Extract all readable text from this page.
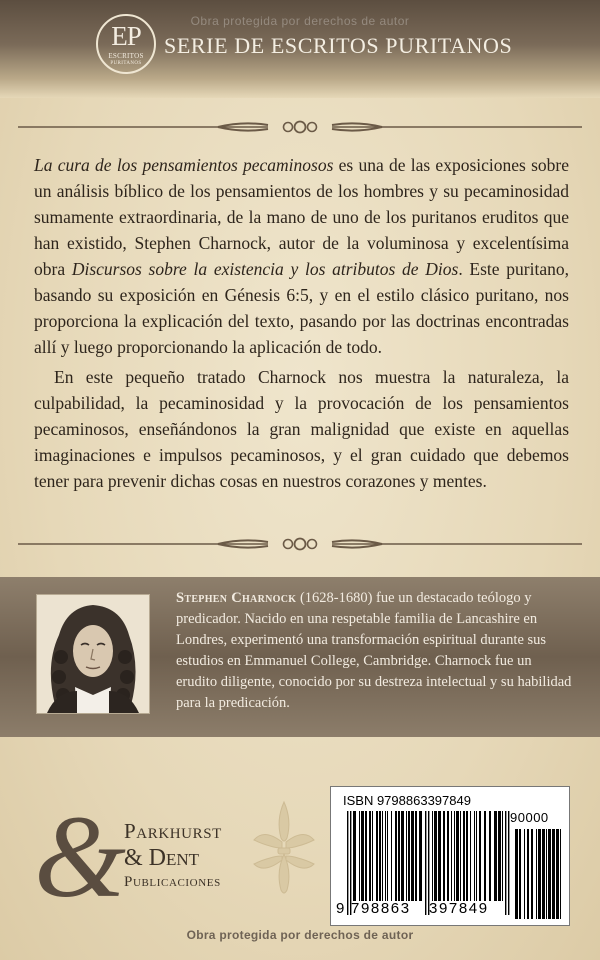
Obra protegida por derechos de autor
EP
ESCRITOS
PURITANOS
SERIE DE ESCRITOS PURITANOS

La cura de los pensamientos pecaminosos es una de las exposiciones sobre un análisis bíblico de los pensamientos de los hombres y su pecaminosidad sumamente extraordinaria, de la mano de uno de los puritanos eruditos que han existido, Stephen Charnock, autor de la voluminosa y excelentísima obra Discursos sobre la existencia y los atributos de Dios. Este puritano, basando su exposición en Génesis 6:5, y en el estilo clásico puritano, nos proporciona la explicación del texto, pasando por las doctrinas encontradas allí y luego proporcionando la aplicación de todo.

En este pequeño tratado Charnock nos muestra la naturaleza, la culpabilidad, la pecaminosidad y la provocación de los pensamientos pecaminosos, enseñándonos la gran malignidad que existe en aquellas imaginaciones e impulsos pecaminosos, y el gran cuidado que debemos tener para prevenir dichas cosas en nuestros corazones y mentes.

Stephen Charnock (1628-1680) fue un destacado teólogo y predicador. Nacido en una respetable familia de Lancashire en Londres, experimentó una transformación espiritual durante sus estudios en Emmanuel College, Cambridge. Charnock fue un erudito diligente, conocido por su destreza intelectual y su habilidad para la predicación.
&
Parkhurst
& Dent
Publicaciones
ISBN 9798863397849
90000
9 798863 397849
Obra protegida por derechos de autor
